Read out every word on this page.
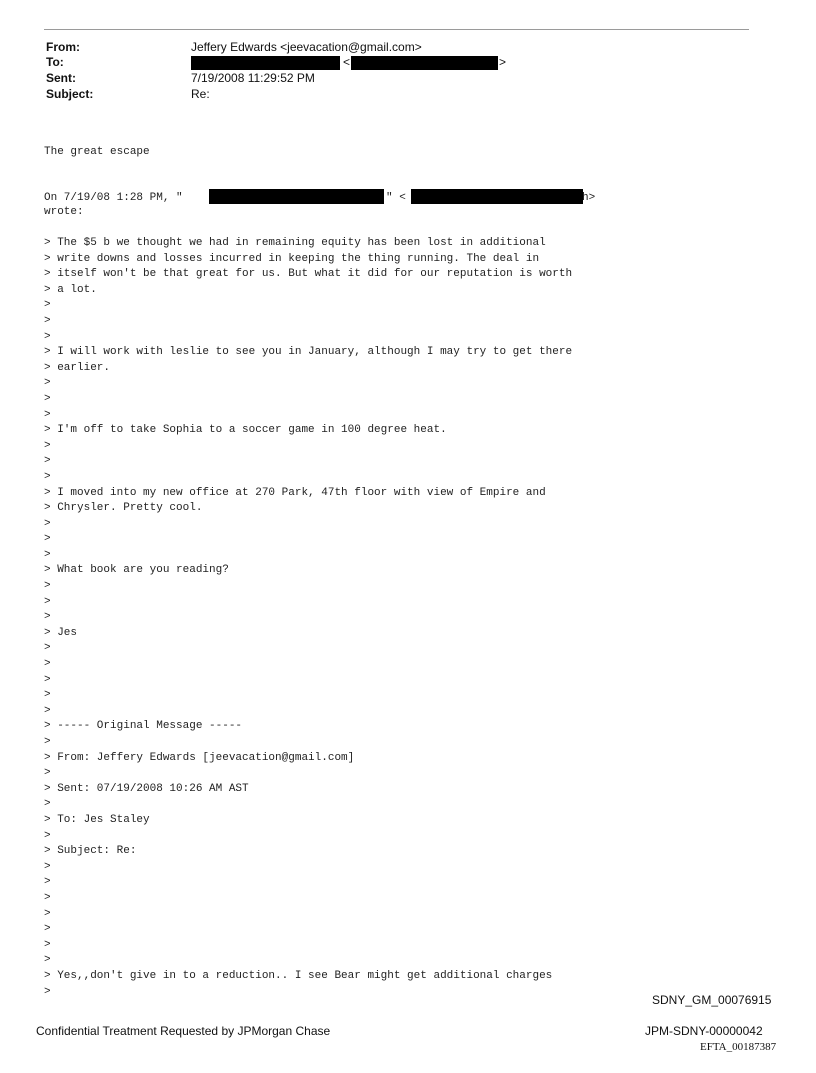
From:	Jeffery Edwards <jeevacation@gmail.com>
To:	<	>
Sent:	7/19/2008 11:29:52 PM
Subject:	Re:
The great escape
On 7/19/08 1:28 PM, "	" <	h>
wrote:
> The $5 b we thought we had in remaining equity has been lost in additional
> write downs and losses incurred in keeping the thing running. The deal in
> itself won't be that great for us. But what it did for our reputation is worth
> a lot.
>
>
>
> I will work with leslie to see you in January, although I may try to get there
> earlier.
>
>
>
> I'm off to take Sophia to a soccer game in 100 degree heat.
>
>
>
> I moved into my new office at 270 Park, 47th floor with view of Empire and
> Chrysler. Pretty cool.
>
>
>
> What book are you reading?
>
>
>
> Jes
>
>
>
>
>
> ----- Original Message -----
>
> From: Jeffery Edwards [jeevacation@gmail.com]
>
> Sent: 07/19/2008 10:26 AM AST
>
> To: Jes Staley
>
> Subject: Re:
>
>
>
>
>
>
>
> Yes,,don't give in to a reduction.. I see Bear might get additional charges
>
SDNY_GM_00076915
Confidential Treatment Requested by JPMorgan Chase	JPM-SDNY-00000042
EFTA_00187387
